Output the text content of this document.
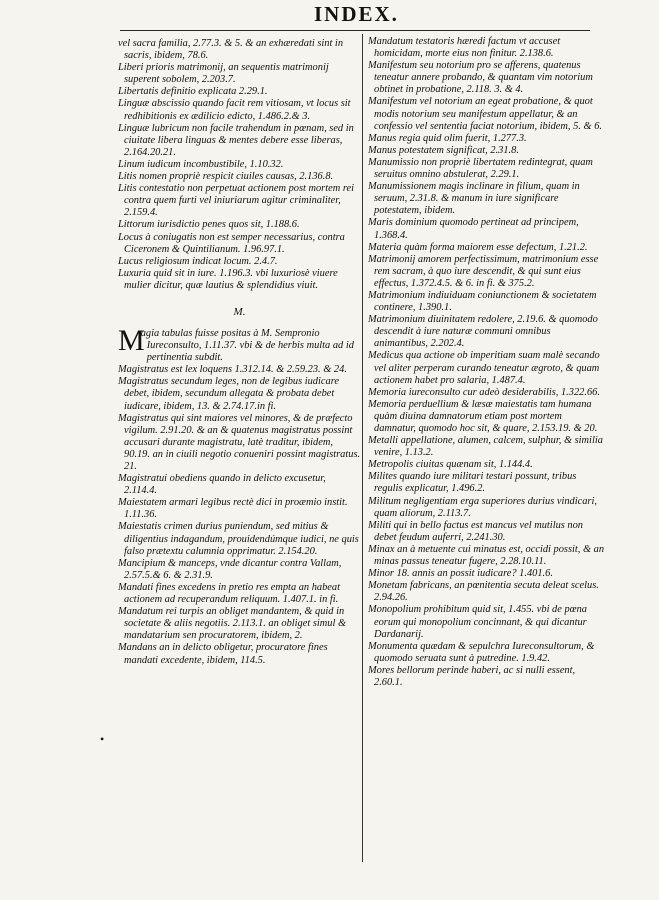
INDEX.

vel sacra familia, 2.77.3. & 5. & an exhæredati sint in sacris, ibidem, 78.6.

Liberi prioris matrimonij, an sequentis matrimonij superent sobolem, 2.203.7.

Libertatis definitio explicata 2.29.1.

Linguæ abscissio quando facit rem vitiosam, vt locus sit redhibitionis ex ædilicio edicto, 1.486.2.& 3.

Linguæ lubricum non facile trahendum in pœnam, sed in ciuitate libera linguas & mentes debere esse liberas, 2.164.20.21.

Linum iudicum incombustibile, 1.10.32.

Litis nomen propriè respicit ciuiles causas, 2.136.8.

Litis contestatio non perpetuat actionem post mortem rei contra quem furti vel iniuriarum agitur criminaliter, 2.159.4.

Littorum iurisdictio penes quos sit, 1.188.6.

Locus à coniugatis non est semper necessarius, contra Ciceronem & Quintilianum. 1.96.97.1.

Lucus religiosum indicat locum. 2.4.7.

Luxuria quid sit in iure. 1.196.3. vbi luxuriosè viuere mulier dicitur, quæ lautius & splendidius viuit.

M.

Magia tabulas fuisse positas à M. Sempronio Iureconsulto, 1.11.37. vbi & de herbis multa ad id pertinentia subdit.

Magistratus est lex loquens 1.312.14. & 2.59.23. & 24.

Magistratus secundum leges, non de legibus iudicare debet, ibidem, secundum allegata & probata debet iudicare, ibidem, 13. & 2.74.17.in fi.

Magistratus qui sint maiores vel minores, & de præfecto vigilum. 2.91.20. & an & quatenus magistratus possint accusari durante magistratu, latè traditur, ibidem, 90.19. an in ciuili negotio conueniri possint magistratus. 21.

Magistratui obediens quando in delicto excusetur, 2.114.4.

Maiestatem armari legibus rectè dici in proæmio instit. 1.11.36.

Maiestatis crimen durius puniendum, sed mitius & diligentius indagandum, prouidendúmque iudici, ne quis falso prætextu calumnia opprimatur. 2.154.20.

Mancipium & manceps, vnde dicantur contra Vallam, 2.57.5.& 6. & 2.31.9.

Mandati fines excedens in pretio res empta an habeat actionem ad recuperandum reliquum. 1.407.1. in fi.

Mandatum rei turpis an obliget mandantem, & quid in societate & aliis negotiis. 2.113.1. an obliget simul & mandatarium sen procuratorem, ibidem, 2.

Mandans an in delicto obligetur, procuratore fines mandati excedente, ibidem, 114.5.

•

Mandatum testatoris hæredi factum vt accuset homicidam, morte eius non finitur. 2.138.6.

Manifestum seu notorium pro se afferens, quatenus teneatur annere probando, & quantam vim notorium obtinet in probatione, 2.118. 3. & 4.

Manifestum vel notorium an egeat probatione, & quot modis notorium seu manifestum appellatur, & an confessio vel sententia faciat notorium, ibidem, 5. & 6.

Manus regia quid olim fuerit, 1.277.3.

Manus potestatem significat, 2.31.8.

Manumissio non propriè libertatem redintegrat, quam seruitus omnino abstulerat, 2.29.1.

Manumissionem magis inclinare in filium, quam in seruum, 2.31.8. & manum in iure significare potestatem, ibidem.

Maris dominium quomodo pertineat ad principem, 1.368.4.

Materia quàm forma maiorem esse defectum, 1.21.2.

Matrimonij amorem perfectissimum, matrimonium esse rem sacram, à quo iure descendit, & qui sunt eius effectus, 1.372.4.5. & 6. in fi. & 375.2.

Matrimonium indiuiduam coniunctionem & societatem continere, 1.390.1.

Matrimonium diuinitatem redolere, 2.19.6. & quomodo descendit à iure naturæ communi omnibus animantibus, 2.202.4.

Medicus qua actione ob imperitiam suam malè secando vel aliter perperam curando teneatur ægroto, & quam actionem habet pro salaria, 1.487.4.

Memoria iureconsulto cur adeò desiderabilis, 1.322.66.

Memoria perduellium & læsæ maiestatis tam humana quàm diuina damnatorum etiam post mortem damnatur, quomodo hoc sit, & quare, 2.153.19. & 20.

Metalli appellatione, alumen, calcem, sulphur, & similia venire, 1.13.2.

Metropolis ciuitas quænam sit, 1.144.4.

Milites quando iure militari testari possunt, tribus regulis explicatur, 1.496.2.

Militum negligentiam erga superiores durius vindicari, quam aliorum, 2.113.7.

Militi qui in bello factus est mancus vel mutilus non debet feudum auferri, 2.241.30.

Minax an à metuente cui minatus est, occidi possit, & an minas passus teneatur fugere, 2.28.10.11.

Minor 18. annis an possit iudicare? 1.401.6.

Monetam fabricans, an pœnitentia secuta deleat scelus. 2.94.26.

Monopolium prohibitum quid sit, 1.455. vbi de pœna eorum qui monopolium concinnant, & qui dicantur Dardanarij.

Monumenta quædam & sepulchra Iureconsultorum, & quomodo seruata sunt à putredine. 1.9.42.

Mores bellorum perinde haberi, ac si nulli essent, 2.60.1.
